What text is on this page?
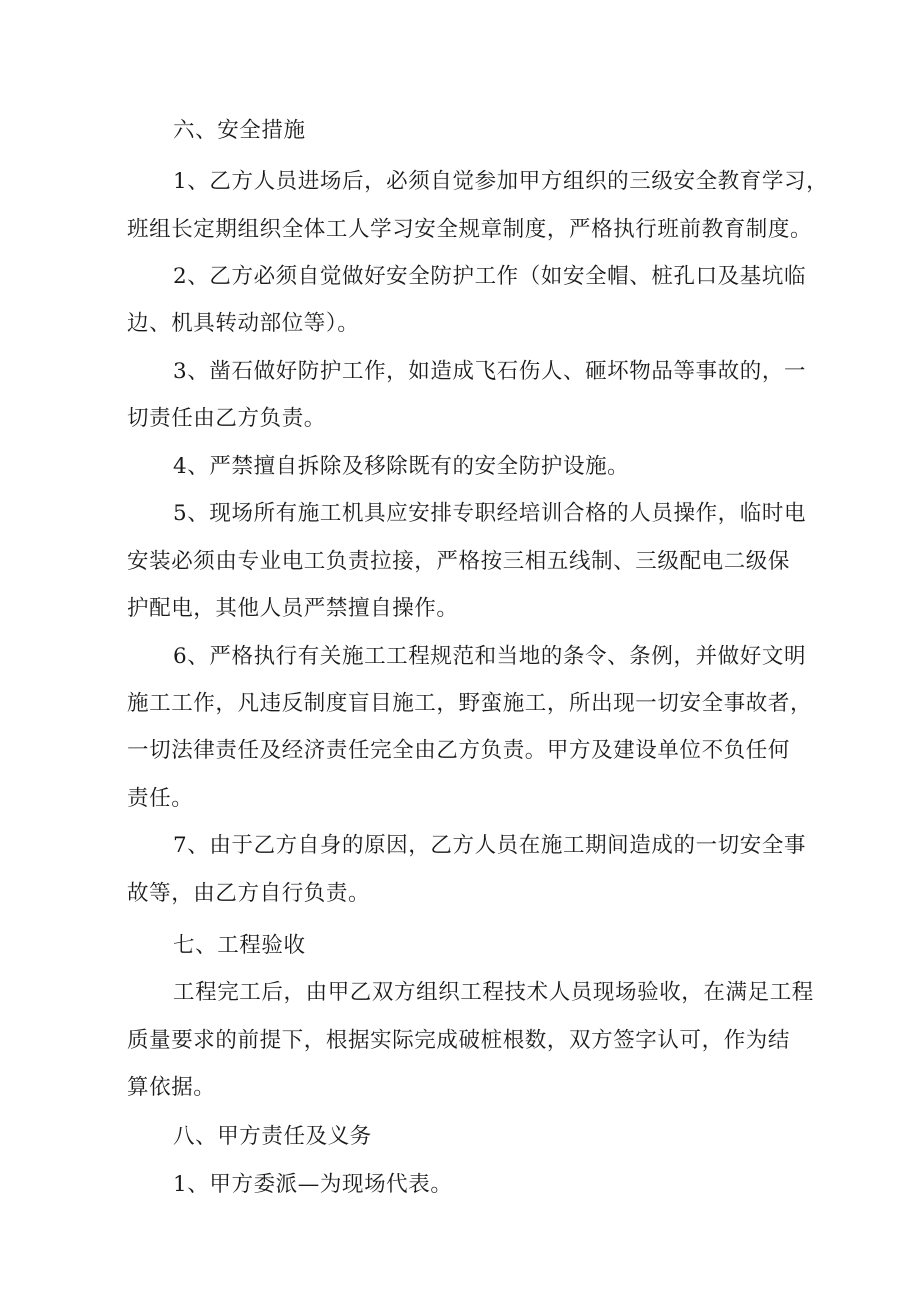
六、安全措施
1、乙方人员进场后，必须自觉参加甲方组织的三级安全教育学习，
班组长定期组织全体工人学习安全规章制度，严格执行班前教育制度。
2、乙方必须自觉做好安全防护工作（如安全帽、桩孔口及基坑临
边、机具转动部位等）。
3、凿石做好防护工作，如造成飞石伤人、砸坏物品等事故的，一
切责任由乙方负责。
4、严禁擅自拆除及移除既有的安全防护设施。
5、现场所有施工机具应安排专职经培训合格的人员操作，临时电
安装必须由专业电工负责拉接，严格按三相五线制、三级配电二级保
护配电，其他人员严禁擅自操作。
6、严格执行有关施工工程规范和当地的条令、条例，并做好文明
施工工作，凡违反制度盲目施工，野蛮施工，所出现一切安全事故者，
一切法律责任及经济责任完全由乙方负责。甲方及建设单位不负任何
责任。
7、由于乙方自身的原因，乙方人员在施工期间造成的一切安全事
故等，由乙方自行负责。
七、工程验收
工程完工后，由甲乙双方组织工程技术人员现场验收，在满足工程
质量要求的前提下，根据实际完成破桩根数，双方签字认可，作为结
算依据。
八、甲方责任及义务
1、甲方委派—为现场代表。
